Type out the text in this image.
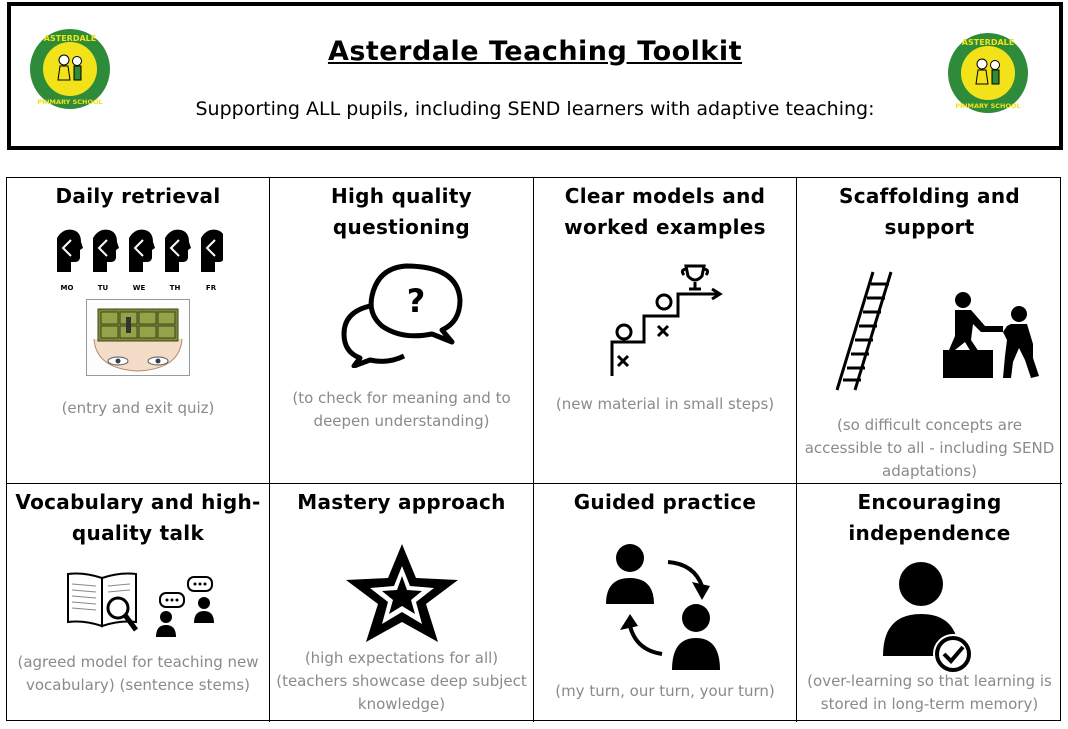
ASTERDALE
PRIMARY SCHOOL
ASTERDALE
PRIMARY SCHOOL
Asterdale Teaching Toolkit
Supporting ALL pupils, including SEND learners with adaptive teaching:
Daily retrieval
MO	TU	WE	TH	FR
(entry and exit quiz)
High quality questioning
?
(to check for meaning and to deepen understanding)
Clear models and worked examples
(new material in small steps)
Scaffolding and support
(so difficult concepts are accessible to all - including SEND adaptations)
Vocabulary and high-quality talk
(agreed model for teaching new vocabulary) (sentence stems)
Mastery approach
(high expectations for all) (teachers showcase deep subject knowledge)
Guided practice
(my turn, our turn, your turn)
Encouraging independence
(over-learning so that learning is stored in long-term memory)
